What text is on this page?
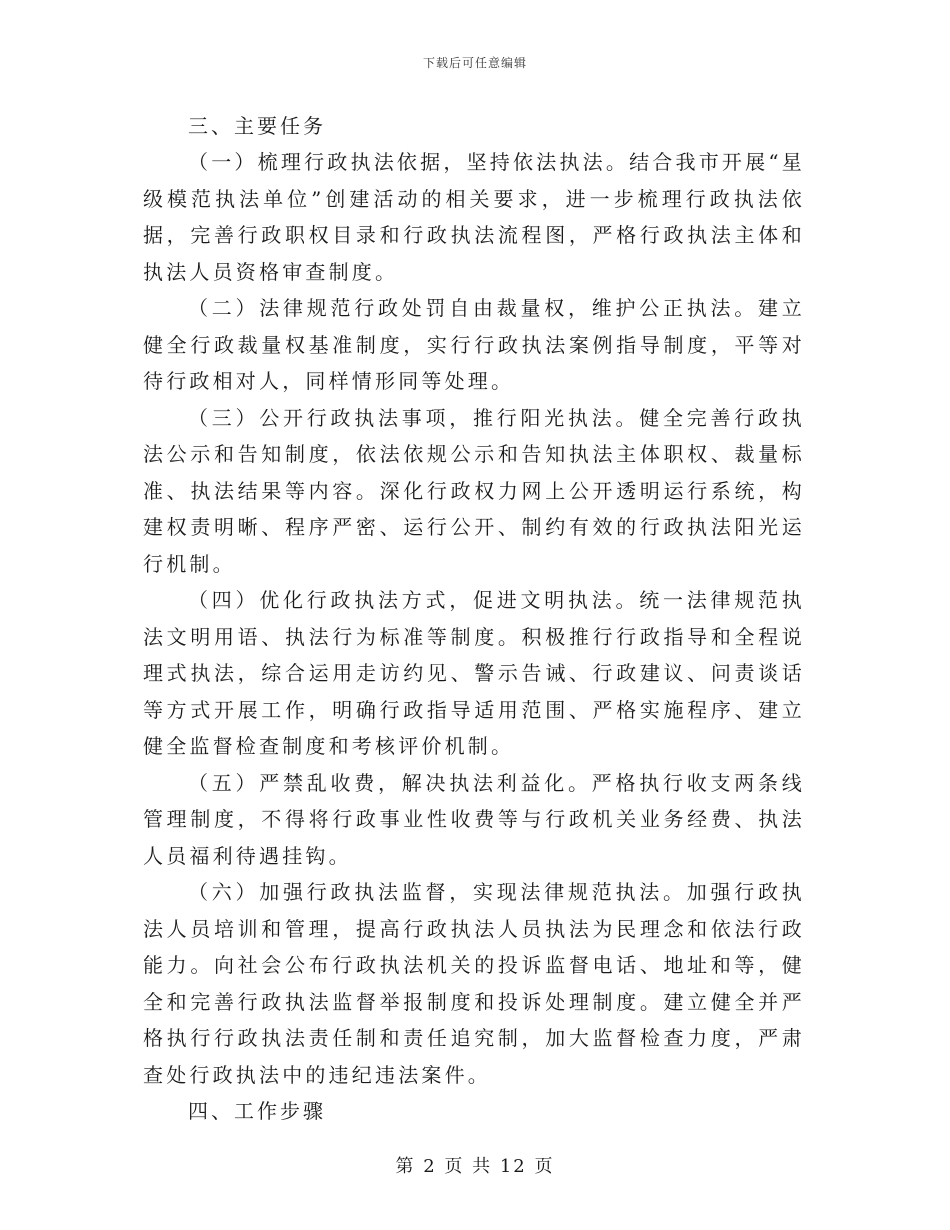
下载后可任意编辑

三、主要任务

（一）梳理行政执法依据，坚持依法执法。结合我市开展“星级模范执法单位”创建活动的相关要求，进一步梳理行政执法依据，完善行政职权目录和行政执法流程图，严格行政执法主体和执法人员资格审查制度。

（二）法律规范行政处罚自由裁量权，维护公正执法。建立健全行政裁量权基准制度，实行行政执法案例指导制度，平等对待行政相对人，同样情形同等处理。

（三）公开行政执法事项，推行阳光执法。健全完善行政执法公示和告知制度，依法依规公示和告知执法主体职权、裁量标准、执法结果等内容。深化行政权力网上公开透明运行系统，构建权责明晰、程序严密、运行公开、制约有效的行政执法阳光运行机制。

（四）优化行政执法方式，促进文明执法。统一法律规范执法文明用语、执法行为标准等制度。积极推行行政指导和全程说理式执法，综合运用走访约见、警示告诫、行政建议、问责谈话等方式开展工作，明确行政指导适用范围、严格实施程序、建立健全监督检查制度和考核评价机制。

（五）严禁乱收费，解决执法利益化。严格执行收支两条线管理制度，不得将行政事业性收费等与行政机关业务经费、执法人员福利待遇挂钩。

（六）加强行政执法监督，实现法律规范执法。加强行政执法人员培训和管理，提高行政执法人员执法为民理念和依法行政能力。向社会公布行政执法机关的投诉监督电话、地址和等，健全和完善行政执法监督举报制度和投诉处理制度。建立健全并严格执行行政执法责任制和责任追究制，加大监督检查力度，严肃查处行政执法中的违纪违法案件。

四、工作步骤

第 2 页 共 12 页
